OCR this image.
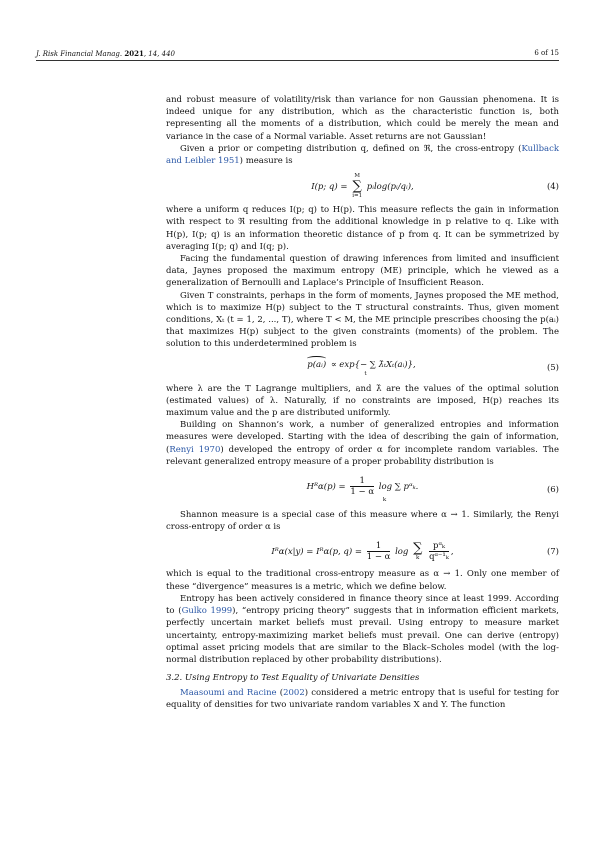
J. Risk Financial Manag. 2021, 14, 440	6 of 15

and robust measure of volatility/risk than variance for non Gaussian phenomena. It is indeed unique for any distribution, which as the characteristic function is, both representing all the moments of a distribution, which could be merely the mean and variance in the case of a Normal variable. Asset returns are not Gaussian!

Given a prior or competing distribution q, defined on ℜ, the cross-entropy (Kullback and Leibler 1951) measure is

I(p; q) =
M
∑
i=1
pᵢlog(pᵢ/qᵢ),	(4)

where a uniform q reduces I(p; q) to H(p). This measure reflects the gain in information with respect to ℜ resulting from the additional knowledge in p relative to q. Like with H(p), I(p; q) is an information theoretic distance of p from q. It can be symmetrized by averaging I(p; q) and I(q; p).

Facing the fundamental question of drawing inferences from limited and insufficient data, Jaynes proposed the maximum entropy (ME) principle, which he viewed as a generalization of Bernoulli and Laplace’s Principle of Insufficient Reason.

Given T constraints, perhaps in the form of moments, Jaynes proposed the ME method, which is to maximize H(p) subject to the T structural constraints. Thus, given moment conditions, Xₜ (t = 1, 2, ..., T), where T < M, the ME principle prescribes choosing the p(aᵢ) that maximizes H(p) subject to the given constraints (moments) of the problem. The solution to this underdetermined problem is

p(aᵢ) ∝ exp{− ∑ λ̂ₜXₜ(aᵢ)},	(5)
t

where λ are the T Lagrange multipliers, and λ̂ are the values of the optimal solution (estimated values) of λ. Naturally, if no constraints are imposed, H(p) reaches its maximum value and the p are distributed uniformly.

Building on Shannon’s work, a number of generalized entropies and information measures were developed. Starting with the idea of describing the gain of information, (Renyi 1970) developed the entropy of order α for incomplete random variables. The relevant generalized entropy measure of a proper probability distribution is

Hᴿα(p) = $\frac{1}{1 - \alpha}$ log ∑ pᵅₖ.	(6)
k

Shannon measure is a special case of this measure where α → 1. Similarly, the Renyi cross-entropy of order α is

Iᴿα(x|y) = Iᴿα(p, $q) = \frac{1}{1 - \alpha}$ log ∑
k
	$\frac{\text{pᵅₖ}}{\text{qᵅ⁻¹ₖ}}$ ,	(7)

which is equal to the traditional cross-entropy measure as α → 1. Only one member of these “divergence” measures is a metric, which we define below.

Entropy has been actively considered in finance theory since at least 1999. According to (Gulko 1999), “entropy pricing theory” suggests that in information efficient markets, perfectly uncertain market beliefs must prevail. Using entropy to measure market uncertainty, entropy-maximizing market beliefs must prevail. One can derive (entropy) optimal asset pricing models that are similar to the Black–Scholes model (with the log-normal distribution replaced by other probability distributions).

3.2. Using Entropy to Test Equality of Univariate Densities

Maasoumi and Racine (2002) considered a metric entropy that is useful for testing for equality of densities for two univariate random variables X and Y. The function
